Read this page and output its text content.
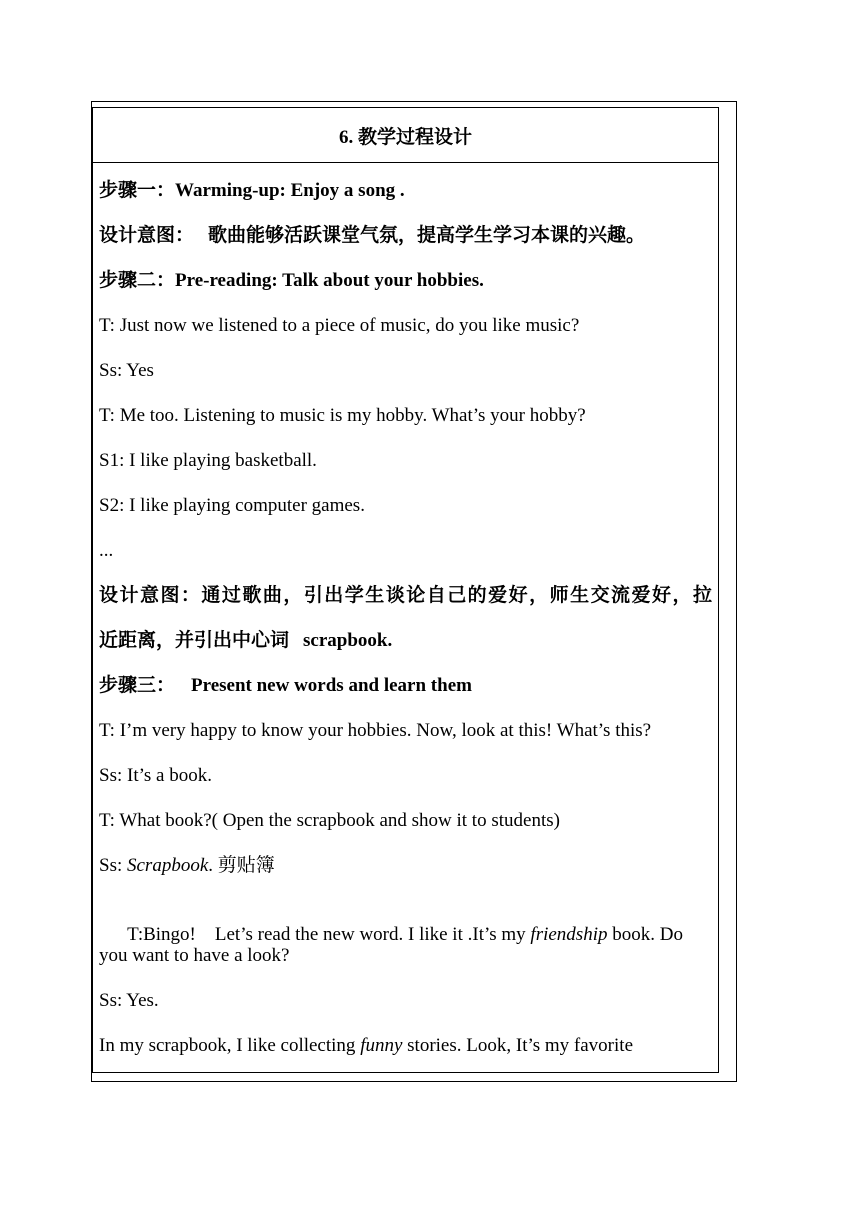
6. 教学过程设计
步骤一：Warming-up: Enjoy a song .
设计意图： 歌曲能够活跃课堂气氛，提高学生学习本课的兴趣。
步骤二：Pre-reading: Talk about your hobbies.
T: Just now we listened to a piece of music, do you like music?
Ss: Yes
T: Me too. Listening to music is my hobby. What’s your hobby?
S1: I like playing basketball.
S2: I like playing computer games.
...
设计意图：通过歌曲，引出学生谈论自己的爱好，师生交流爱好，拉
近距离，并引出中心词 scrapbook.
步骤三： Present new words and learn them
T: I’m very happy to know your hobbies. Now, look at this! What’s this?
Ss: It’s a book.
T: What book?( Open the scrapbook and show it to students)
Ss: Scrapbook. 剪贴簿

T:Bingo!    Let’s read the new word. I like it .It’s my friendship book. Do

you want to have a look?
Ss: Yes.
In my scrapbook, I like collecting funny stories. Look, It’s my favorite
